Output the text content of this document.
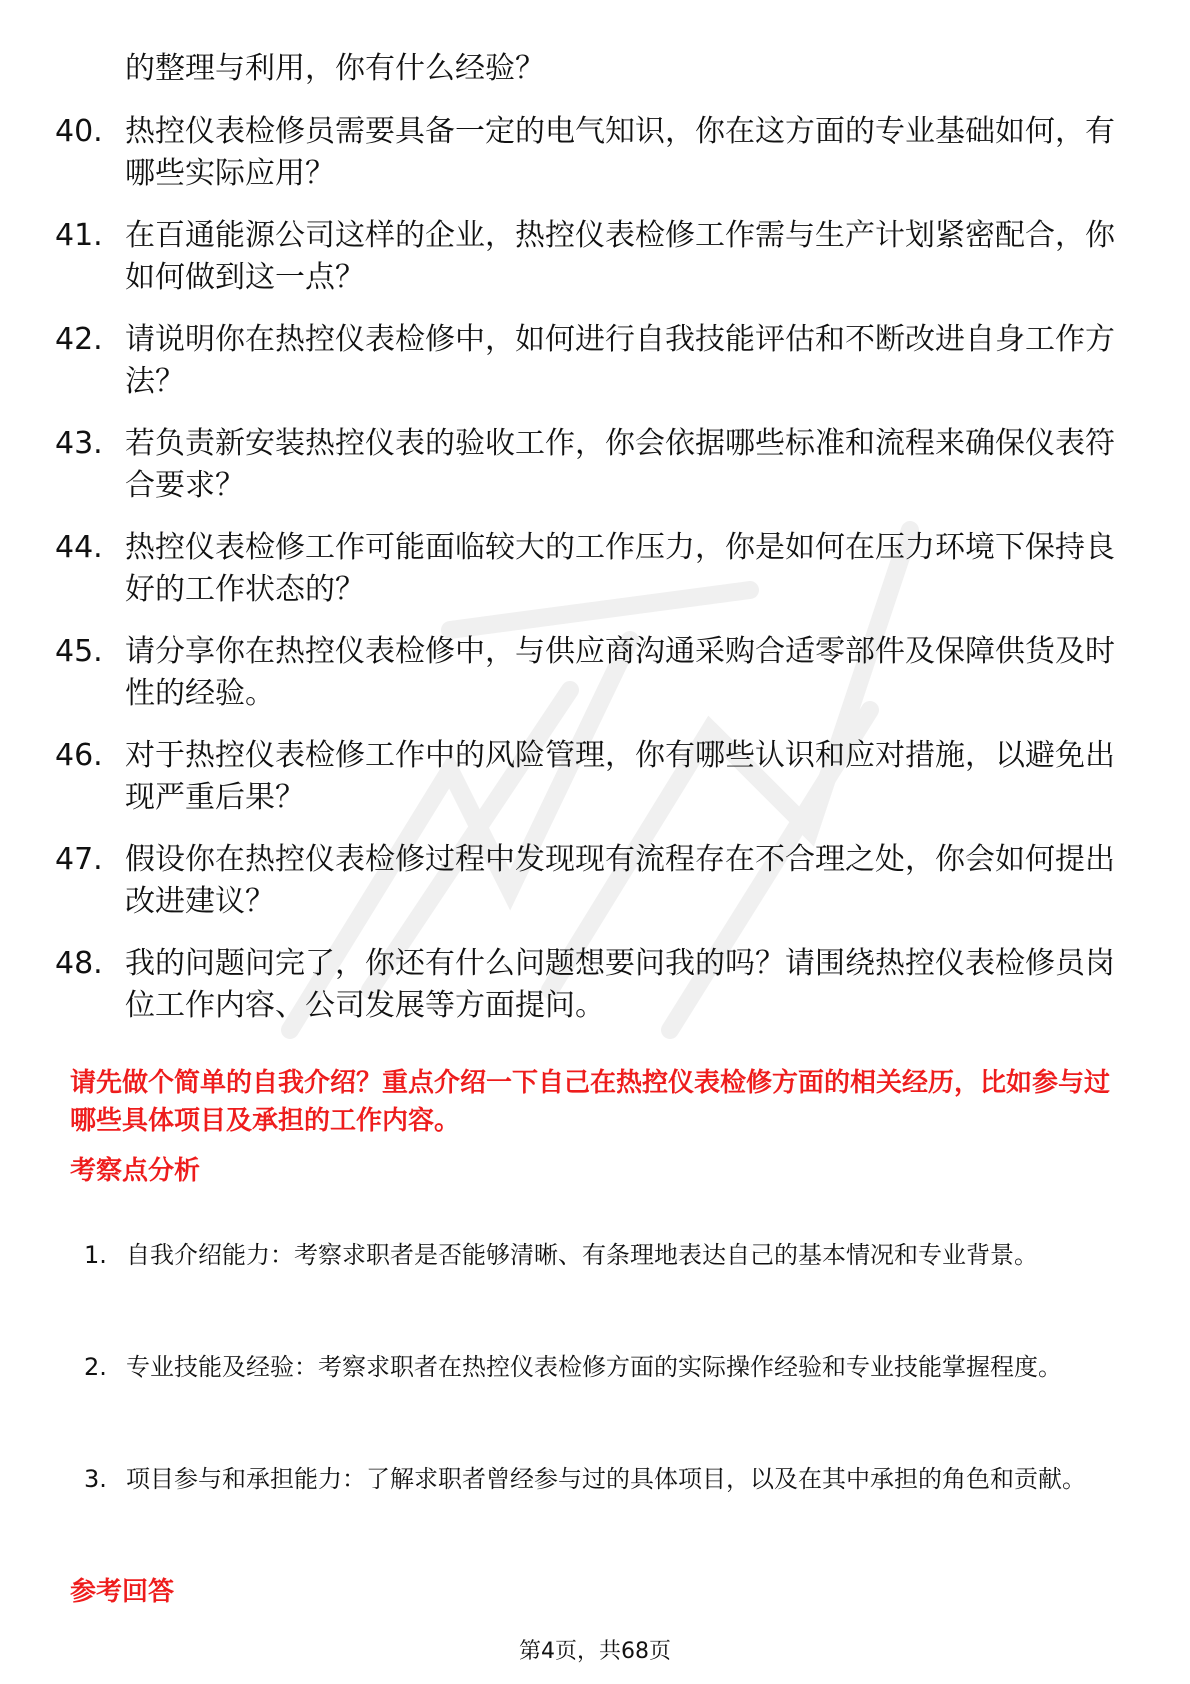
的整理与利用，你有什么经验？

40. 热控仪表检修员需要具备一定的电气知识，你在这方面的专业基础如何，有哪些实际应用？
41. 在百通能源公司这样的企业，热控仪表检修工作需与生产计划紧密配合，你如何做到这一点？
42. 请说明你在热控仪表检修中，如何进行自我技能评估和不断改进自身工作方法？
43. 若负责新安装热控仪表的验收工作，你会依据哪些标准和流程来确保仪表符合要求？
44. 热控仪表检修工作可能面临较大的工作压力，你是如何在压力环境下保持良好的工作状态的？
45. 请分享你在热控仪表检修中，与供应商沟通采购合适零部件及保障供货及时性的经验。
46. 对于热控仪表检修工作中的风险管理，你有哪些认识和应对措施，以避免出现严重后果？
47. 假设你在热控仪表检修过程中发现现有流程存在不合理之处，你会如何提出改进建议？
48. 我的问题问完了，你还有什么问题想要问我的吗？请围绕热控仪表检修员岗位工作内容、公司发展等方面提问。

请先做个简单的自我介绍？重点介绍一下自己在热控仪表检修方面的相关经历，比如参与过哪些具体项目及承担的工作内容。

考察点分析
1. 自我介绍能力：考察求职者是否能够清晰、有条理地表达自己的基本情况和专业背景。
2. 专业技能及经验：考察求职者在热控仪表检修方面的实际操作经验和专业技能掌握程度。
3. 项目参与和承担能力：了解求职者曾经参与过的具体项目，以及在其中承担的角色和贡献。
参考回答

第4页，共68页
